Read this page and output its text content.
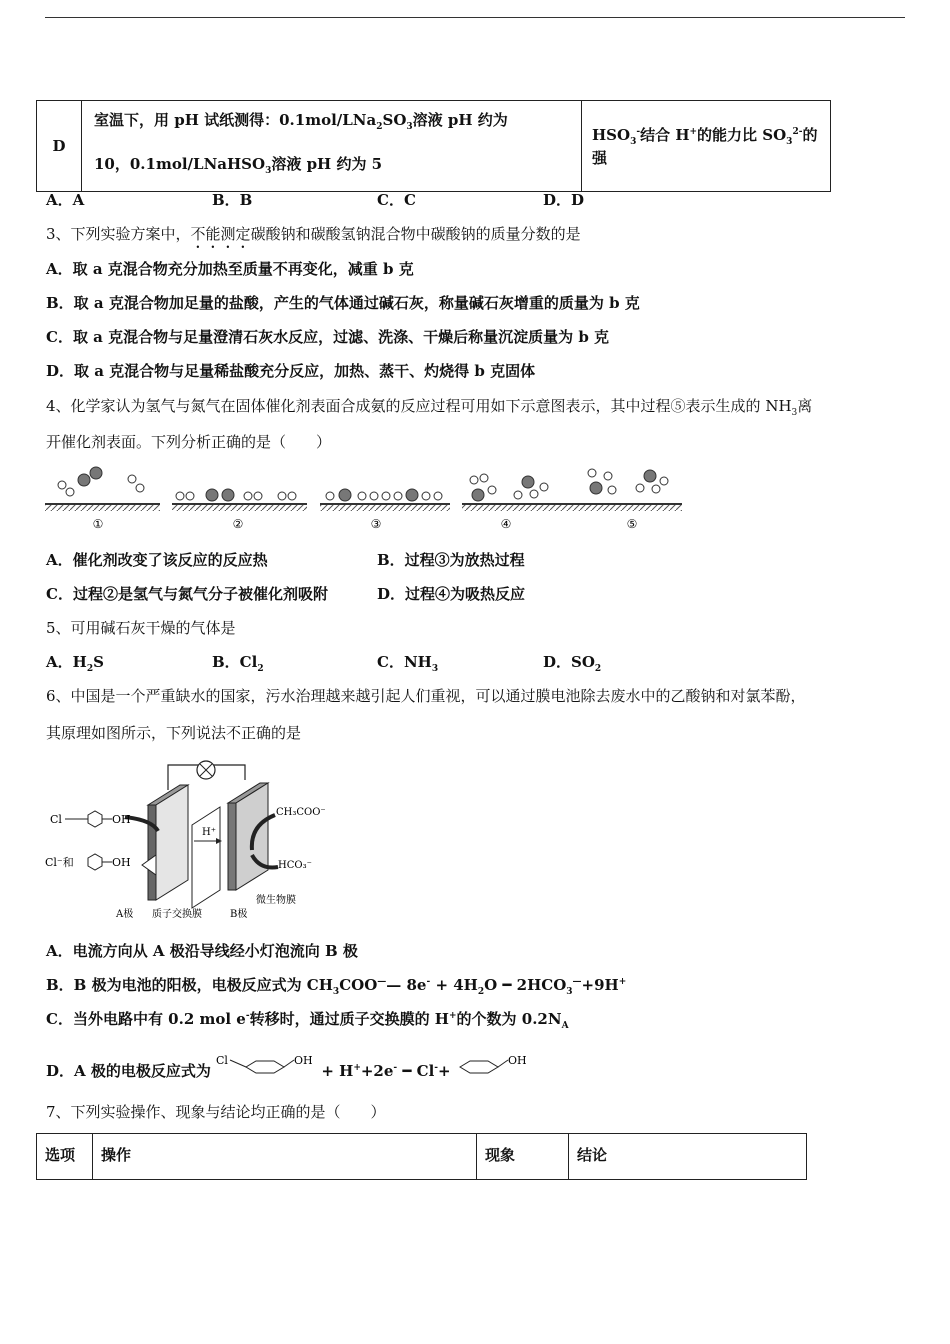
D	室温下，用 pH 试纸测得：$0.1mol/LNa_2SO_3$溶液 pH 约为
10，0.1mol/LNaHSO$_3$溶液 pH 约为 5	$HSO_3^-$结合 H+的能力比 $SO_3^{2-}$的强
A．A	B．B	C．C	D．D
3、下列实验方案中，不能测定碳酸钠和碳酸氢钠混合物中碳酸钠的质量分数的是
A．取 a 克混合物充分加热至质量不再变化，减重 b 克
B．取 a 克混合物加足量的盐酸，产生的气体通过碱石灰，称量碱石灰增重的质量为 b 克
C．取 a 克混合物与足量澄清石灰水反应，过滤、洗涤、干燥后称量沉淀质量为 b 克
D．取 a 克混合物与足量稀盐酸充分反应，加热、蒸干、灼烧得 b 克固体
4、化学家认为氢气与氮气在固体催化剂表面合成氨的反应过程可用如下示意图表示，其中过程⑤表示生成的 $NH_3$离
开催化剂表面。下列分析正确的是（　　）
①	②	③	④	⑤
A．催化剂改变了该反应的反应热	B．过程③为放热过程
C．过程②是氢气与氮气分子被催化剂吸附	D．过程④为吸热反应
5、可用碱石灰干燥的气体是
A．$H_2S$	B．$Cl_2$	C．$NH_3$	D．$SO_2$
6、中国是一个严重缺水的国家，污水治理越来越引起人们重视，可以通过膜电池除去废水中的乙酸钠和对氯苯酚，
其原理如图所示，下列说法不正确的是
Cl	OH
Cl⁻和	OH
H⁺
CH₃COO⁻
HCO₃⁻
A极 质子交换膜	B极
微生物膜
A．电流方向从 A 极沿导线经小灯泡流向 B 极
B．B 极为电池的阳极，电极反应式为 $CH_3COO^——$ $8e^- + 4H_2O$ ━ $2HCO_3^—+9H^+$
C．当外电路中有 0.2 mol e-转移时，通过质子交换膜的 H+的个数为 $0.2N_A$
D．A 极的电极反应式为
Cl	OH
+ H++2e- ━ Cl-+
OH
7、下列实验操作、现象与结论均正确的是（　　）
选项	操作	现象	结论
